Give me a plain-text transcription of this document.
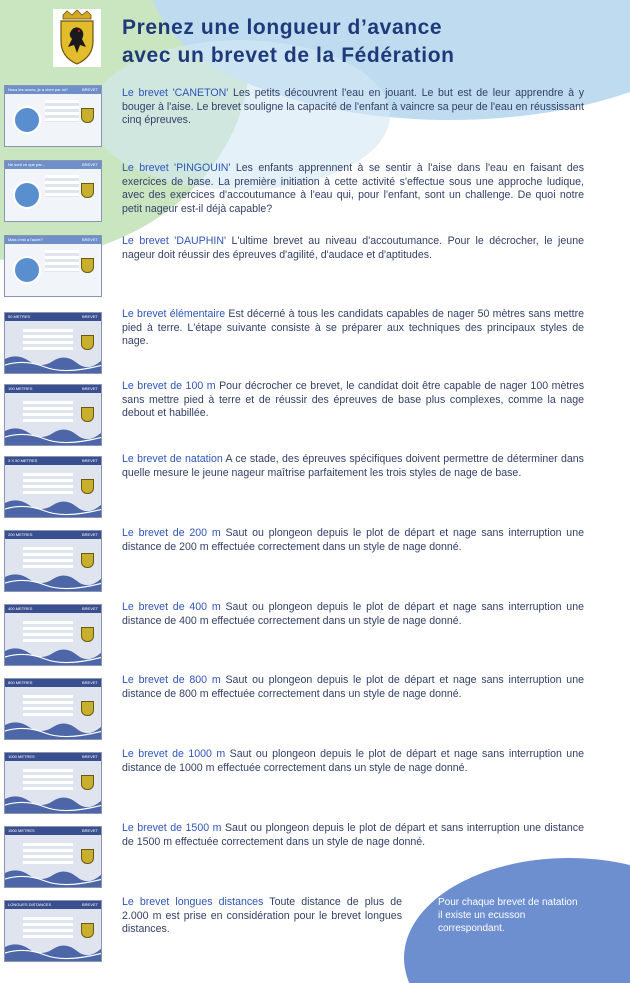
Prenez une longueur d’avance
avec un brevet de la Fédération
Nous les avons, je a cheri par lui?	BREVET
Ne sont ce que par...	BREVET
Mais c'est a l'aube?	BREVET
50 METRES	BREVET
100 METRES	BREVET
3 X 50 METRES	BREVET
200 METRES	BREVET
400 METRES	BREVET
800 METRES	BREVET
1000 METRES	BREVET
1500 METRES	BREVET
LONGUES DISTANCES	BREVET

Le brevet 'CANETON' Les petits découvrent l'eau en jouant. Le but est de leur apprendre à y bouger à l'aise. Le brevet souligne la capacité de l'enfant à vaincre sa peur de l'eau en réussissant cinq épreuves.

Le brevet 'PINGOUIN' Les enfants apprennent à se sentir à l'aise dans l'eau en faisant des exercices de base. La première initiation à cette activité s'effectue sous une approche ludique, avec des exercices d'accoutumance à l'eau qui, pour l'enfant, sont un challenge. De quoi notre petit nageur est-il déjà capable?

Le brevet 'DAUPHIN' L'ultime brevet au niveau d'accoutumance. Pour le décrocher, le jeune nageur doit réussir des épreuves d'agilité, d'audace et d'aptitudes.

Le brevet élémentaire Est décerné à tous les candidats capables de nager 50 mètres sans mettre pied à terre. L'étape suivante consiste à se préparer aux techniques des principaux styles de nage.

Le brevet de 100 m Pour décrocher ce brevet, le candidat doit être capable de nager 100 mètres sans mettre pied à terre et de réussir des épreuves de base plus complexes, comme la nage debout et habillée.

Le brevet de natation A ce stade, des épreuves spécifiques doivent permettre de déterminer dans quelle mesure le jeune nageur maîtrise parfaitement les trois styles de nage de base.

Le brevet de 200 m Saut ou plongeon depuis le plot de départ et nage sans interruption une distance de 200 m effectuée correctement dans un style de nage donné.

Le brevet de 400 m Saut ou plongeon depuis le plot de départ et nage sans interruption une distance de 400 m effectuée correctement dans un style de nage donné.

Le brevet de 800 m Saut ou plongeon depuis le plot de départ et nage sans interruption une distance de 800 m effectuée correctement dans un style de nage donné.

Le brevet de 1000 m Saut ou plongeon depuis le plot de départ et nage sans interruption une distance de 1000 m effectuée correctement dans un style de nage donné.

Le brevet de 1500 m Saut ou plongeon depuis le plot de départ et sans interruption une distance de 1500 m effectuée correctement dans un style de nage donné.

Le brevet longues distances Toute distance de plus de 2.000 m est prise en considération pour le brevet longues distances.

Pour chaque brevet de natation il existe un ecusson correspondant.
